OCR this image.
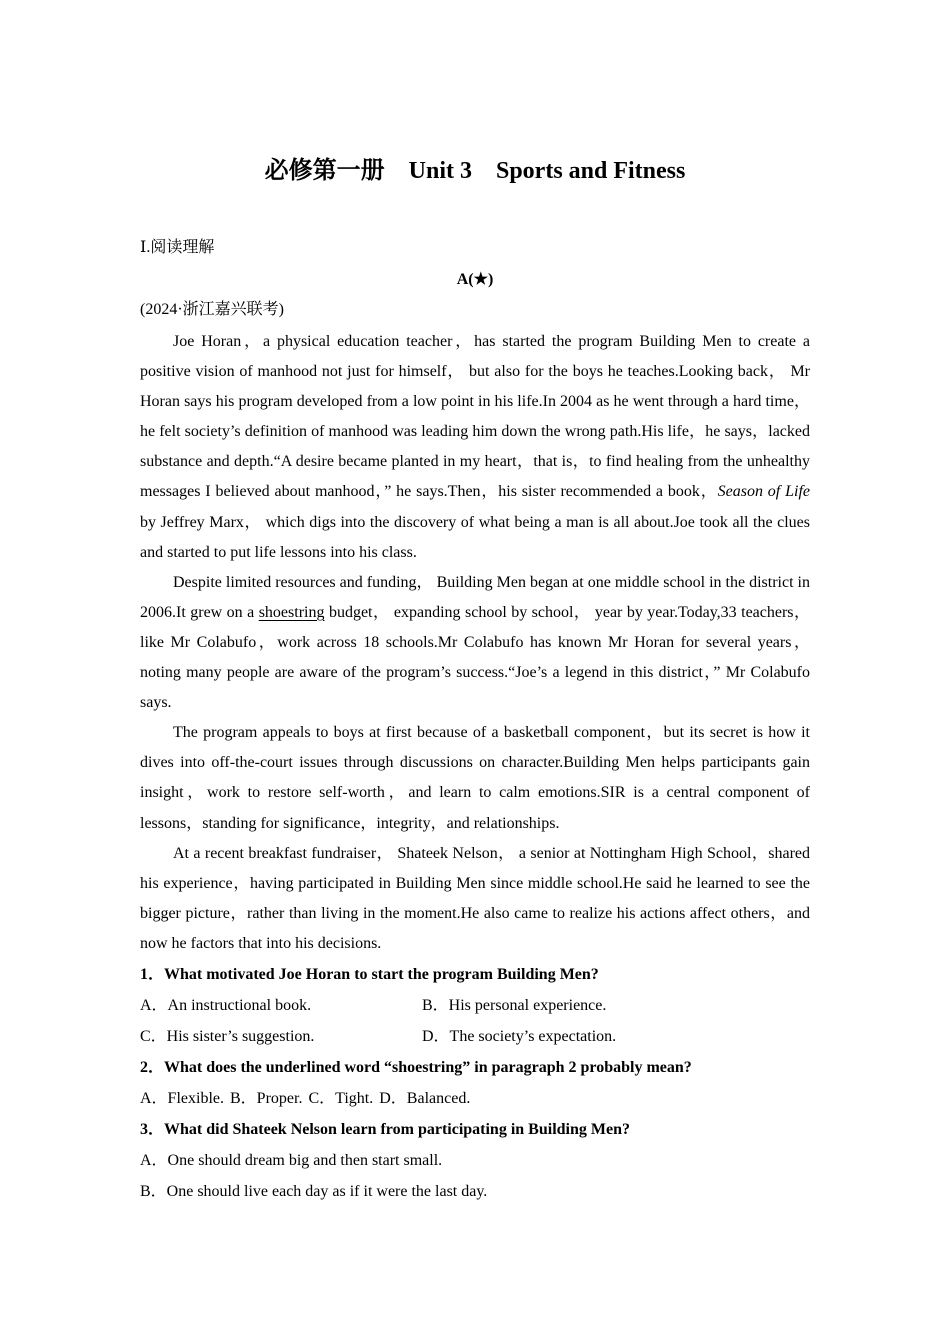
必修第一册　Unit 3　Sports and Fitness
Ⅰ.阅读理解
A(★)
(2024·浙江嘉兴联考)

Joe Horan，a physical education teacher，has started the program Building Men to create a positive vision of manhood not just for himself， but also for the boys he teaches.Looking back， Mr Horan says his program developed from a low point in his life.In 2004 as he went through a hard time，he felt society’s definition of manhood was leading him down the wrong path.His life，he says，lacked substance and depth.“A desire became planted in my heart，that is，to find healing from the unhealthy messages I believed about manhood，” he says.Then，his sister recommended a book，Season of Life by Jeffrey Marx， which digs into the discovery of what being a man is all about.Joe took all the clues and started to put life lessons into his class.

Despite limited resources and funding， Building Men began at one middle school in the district in 2006.It grew on a shoestring budget， expanding school by school， year by year.Today,33 teachers，like Mr Colabufo，work across 18 schools.Mr Colabufo has known Mr Horan for several years，noting many people are aware of the program’s success.“Joe’s a legend in this district，” Mr Colabufo says.

The program appeals to boys at first because of a basketball component，but its secret is how it dives into off-the-court issues through discussions on character.Building Men helps participants gain insight，work to restore self-worth，and learn to calm emotions.SIR is a central component of lessons，standing for significance，integrity，and relationships.

At a recent breakfast fundraiser， Shateek Nelson， a senior at Nottingham High School，shared his experience，having participated in Building Men since middle school.He said he learned to see the bigger picture，rather than living in the moment.He also came to realize his actions affect others，and now he factors that into his decisions.

1．What motivated Joe Horan to start the program Building Men?

A．An instructional book.	B．His personal experience.
C．His sister’s suggestion.	D．The society’s expectation.

2．What does the underlined word “shoestring” in paragraph 2 probably mean?

A．Flexible. B．Proper. C．Tight. D．Balanced.

3．What did Shateek Nelson learn from participating in Building Men?

A．One should dream big and then start small.

B．One should live each day as if it were the last day.
